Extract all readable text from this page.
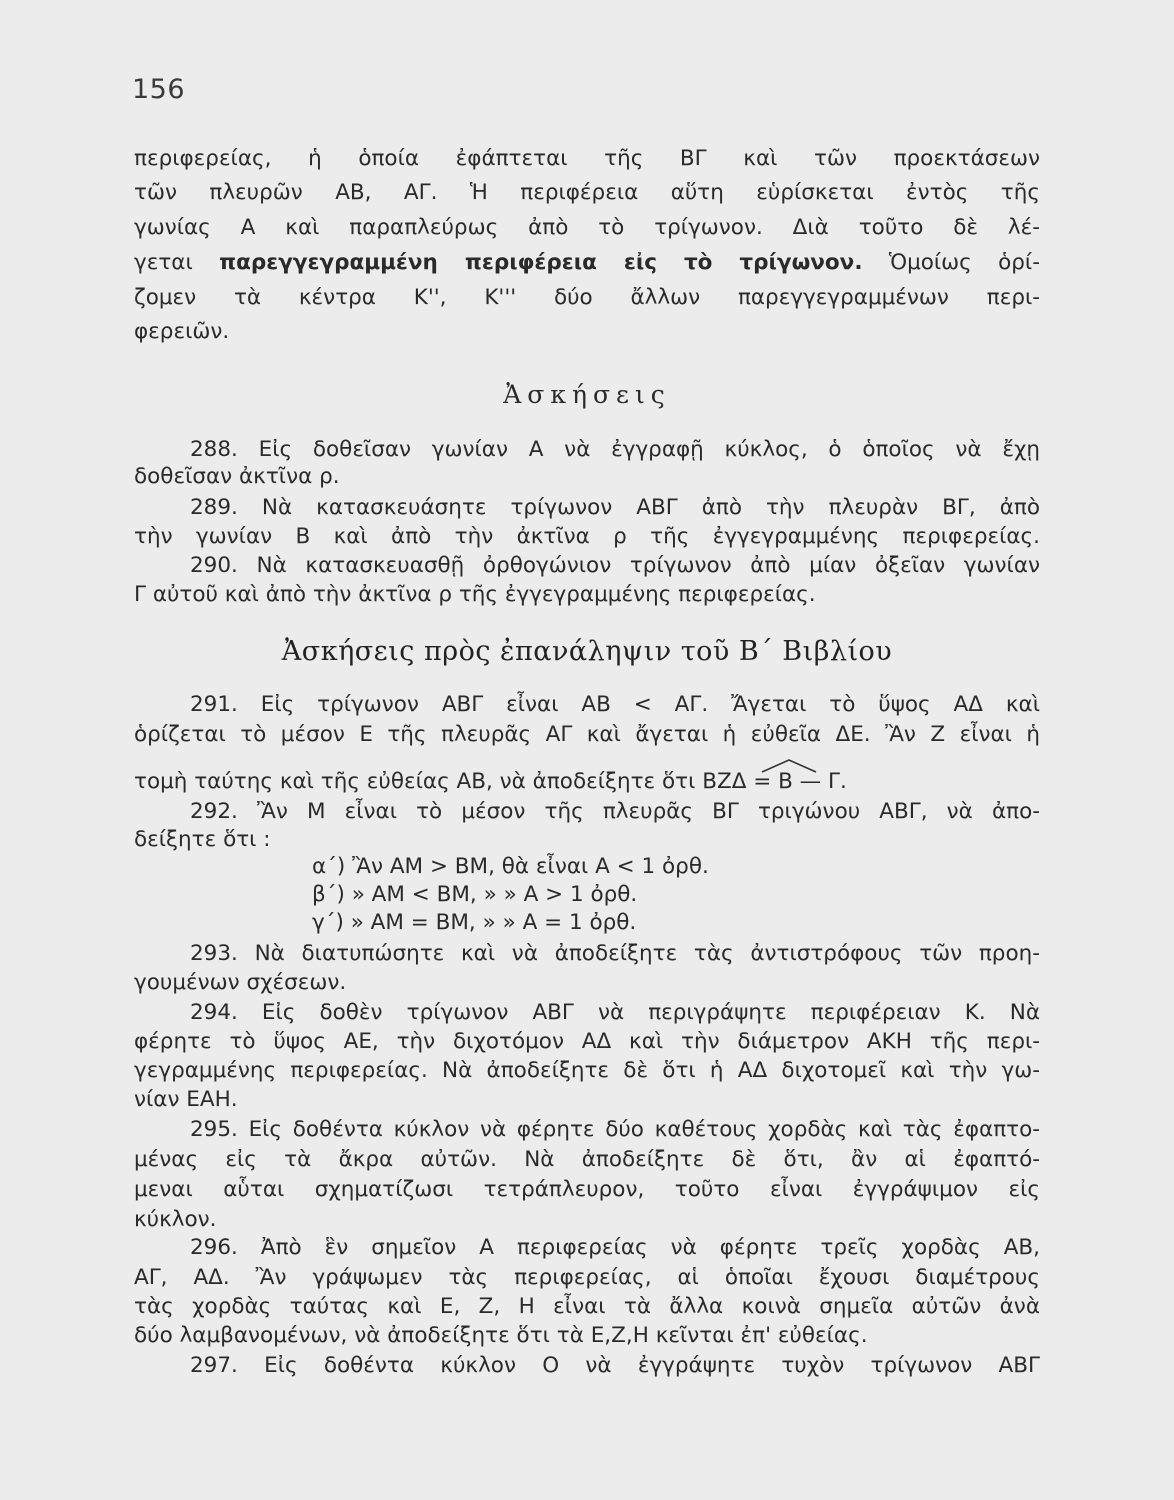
156
περιφερείας, ἡ ὁποία ἐφάπτεται τῆς ΒΓ καὶ τῶν προεκτάσεων
τῶν πλευρῶν ΑΒ, ΑΓ. Ἡ περιφέρεια αὕτη εὑρίσκεται ἐντὸς τῆς
γωνίας Α καὶ παραπλεύρως ἀπὸ τὸ τρίγωνον. Διὰ τοῦτο δὲ λέ-
γεται παρεγγεγραμμένη περιφέρεια εἰς τὸ τρίγωνον. Ὁμοίως ὁρί-
ζομεν τὰ κέντρα Κ'', Κ''' δύο ἄλλων παρεγγεγραμμένων περι-
φερειῶν.
Ἀσκήσεις
288. Εἰς δοθεῖσαν γωνίαν Α νὰ ἐγγραφῇ κύκλος, ὁ ὁποῖος νὰ ἔχῃ
δοθεῖσαν ἀκτῖνα ρ.
289. Νὰ κατασκευάσητε τρίγωνον ΑΒΓ ἀπὸ τὴν πλευρὰν ΒΓ, ἀπὸ
τὴν γωνίαν Β καὶ ἀπὸ τὴν ἀκτῖνα ρ τῆς ἐγγεγραμμένης περιφερείας.
290. Νὰ κατασκευασθῇ ὀρθογώνιον τρίγωνον ἀπὸ μίαν ὀξεῖαν γωνίαν
Γ αὐτοῦ καὶ ἀπὸ τὴν ἀκτῖνα ρ τῆς ἐγγεγραμμένης περιφερείας.
Ἀσκήσεις πρὸς ἐπανάληψιν τοῦ Β΄ Βιβλίου
291. Εἰς τρίγωνον ΑΒΓ εἶναι ΑΒ < ΑΓ. Ἄγεται τὸ ὕψος ΑΔ καὶ
ὁρίζεται τὸ μέσον Ε τῆς πλευρᾶς ΑΓ καὶ ἄγεται ἡ εὐθεῖα ΔΕ. Ἂν Ζ εἶναι ἡ
τομὴ ταύτης καὶ τῆς εὐθείας ΑΒ, νὰ ἀποδείξητε ὅτι ΒΖΔ = Β — Γ.
292. Ἂν Μ εἶναι τὸ μέσον τῆς πλευρᾶς ΒΓ τριγώνου ΑΒΓ, νὰ ἀπο-
δείξητε ὅτι :
α΄) Ἂν ΑΜ > ΒΜ, θὰ εἶναι Α < 1 ὀρθ.
β΄) » ΑΜ < ΒΜ, » » Α > 1 ὀρθ.
γ΄) » ΑΜ = ΒΜ, » » Α = 1 ὀρθ.
293. Νὰ διατυπώσητε καὶ νὰ ἀποδείξητε τὰς ἀντιστρόφους τῶν προη-
γουμένων σχέσεων.
294. Εἰς δοθὲν τρίγωνον ΑΒΓ νὰ περιγράψητε περιφέρειαν Κ. Νὰ
φέρητε τὸ ὕψος ΑΕ, τὴν διχοτόμον ΑΔ καὶ τὴν διάμετρον ΑΚΗ τῆς περι-
γεγραμμένης περιφερείας. Νὰ ἀποδείξητε δὲ ὅτι ἡ ΑΔ διχοτομεῖ καὶ τὴν γω-
νίαν ΕΑΗ.
295. Εἰς δοθέντα κύκλον νὰ φέρητε δύο καθέτους χορδὰς καὶ τὰς ἐφαπτο-
μένας εἰς τὰ ἄκρα αὐτῶν. Νὰ ἀποδείξητε δὲ ὅτι, ἂν αἱ ἐφαπτό-
μεναι αὗται σχηματίζωσι τετράπλευρον, τοῦτο εἶναι ἐγγράψιμον εἰς
κύκλον.
296. Ἀπὸ ἓν σημεῖον Α περιφερείας νὰ φέρητε τρεῖς χορδὰς ΑΒ,
ΑΓ, ΑΔ. Ἂν γράψωμεν τὰς περιφερείας, αἱ ὁποῖαι ἔχουσι διαμέτρους
τὰς χορδὰς ταύτας καὶ Ε, Ζ, Η εἶναι τὰ ἄλλα κοινὰ σημεῖα αὐτῶν ἀνὰ
δύο λαμβανομένων, νὰ ἀποδείξητε ὅτι τὰ Ε,Ζ,Η κεῖνται ἐπ' εὐθείας.
297. Εἰς δοθέντα κύκλον Ο νὰ ἐγγράψητε τυχὸν τρίγωνον ΑΒΓ
